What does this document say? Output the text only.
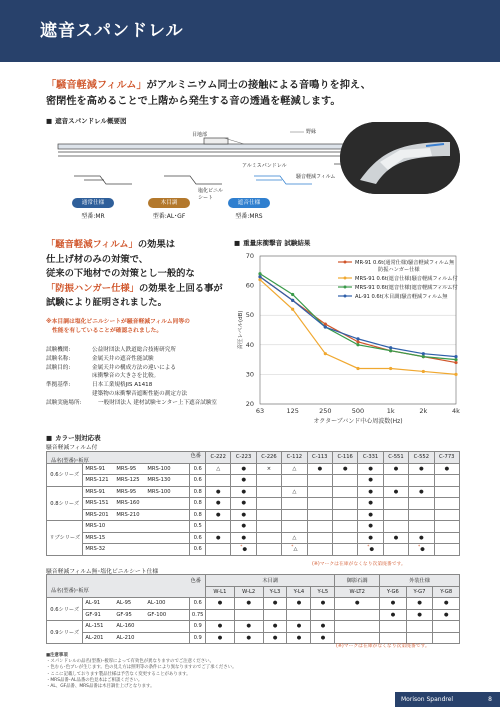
遮音スパンドレル
「騒音軽減フィルム」がアルミニウム同士の接触による音鳴りを抑え、
密閉性を高めることで上階から発生する音の透過を軽減します。
■ 遮音スパンドレル概要図
野縁
目地部
アルミスパンドレル
騒音軽減フィルム
塩化ビニル
シート
通常仕様	木目調	遮音仕様
型番:MR	型番:AL･GF	型番:MRS
「騒音軽減フィルム」の効果は
仕上げ材のみの対策で、
従来の下地材での対策とし一般的な
「防振ハンガー仕様」の効果を上回る事が
試験により証明されました。
※本目調は塩化ビニルシートが騒音軽減フィルム同等の
性能を有していることが確認されました。
試験機関:	公益財団法人鉄道総合技術研究所
試験名称:	金属天井の遮音性能試験
試験目的:	金属天井の構成方法の違いによる
床衝撃音の大きさを比較。
準拠基準:	日本工業規格JIS A1418
建築物の床衝撃音遮断性能の測定方法
試験実施場所:	一般財団法人 建材試験センター上下遮音試験室
■ 重量床衝撃音 試験結果
20
30
40
50
60
70
63	125	250	500	1k	2k	4k
オクターブバンド中心周波数(Hz)
音圧レベル(dB)
MR-91 0.6t(通常仕様)騒音軽減フィルム無
防振ハンガー仕様
MRS-91 0.6t(遮音仕様)騒音軽減フィルム付
MRS-91 0.6t(遮音仕様)遮音軽減フィルム付
AL-91 0.6t(木目調)騒音軽減フィルム無
■ カラー別対応表
騒音軽減フィルム付
色番
品名(型番)･板厚			C-222	C-223	C-226	C-112	C-113	C-116	C-331	C-551	C-552	C-773
0.6シリーズ	MRS-91 MRS-95 MRS-100	0.6	△	●	×	△	●	●	●	●	●	●
	MRS-121 MRS-125 MRS-130	0.6		●					●			
0.8シリーズ	MRS-91 MRS-95 MRS-100	0.8	●	●		△			●	●	●	
	MRS-151 MRS-160	0.8	●	●					●			
	MRS-201 MRS-210	0.8	●	●					●			
リブシリーズ	MRS-10	0.5		●					●			
	MRS-15	0.6	●	●		△			●	●	●	
	MRS-32	0.6		*●		*△			*●		*●	
(※)マークは在庫がなくなり次第廃番です。
騒音軽減フィルム無･塩化ビニルシート仕様
色番
品名(型番)･板厚			木目調					御影石調	外装仕様		
			W-L1	W-L2	Y-L3	Y-L4	Y-L5	W-LT2	Y-G6	Y-G7	Y-G8
0.6シリーズ	AL-91 AL-95 AL-100	0.6	●	●	●	●	●	●	●	●	●
	GF-91 GF-95 GF-100	0.75							●	●	●
0.9シリーズ	AL-151 AL-160	0.9	●	●	●	●	●				
	AL-201 AL-210	0.9	●	●	●	●	●				
(※)マークは在庫がなくなり次第廃番です。
■注意事項
・スパンドレルの品名(型番)･板厚によって有効色が異なりますのでご注意ください。
・色むら･色ブレが生じます。色の見え方は照明等の条件により異なりますのでご了承ください。
・ここに記載しております製品仕様は予告なく変更することがあります。
・MRS品番･AL品番の色見本はご相談ください。
・AL、GF品番、MRS品番は木目調仕上げとなります。
Morison Spandrel	8
